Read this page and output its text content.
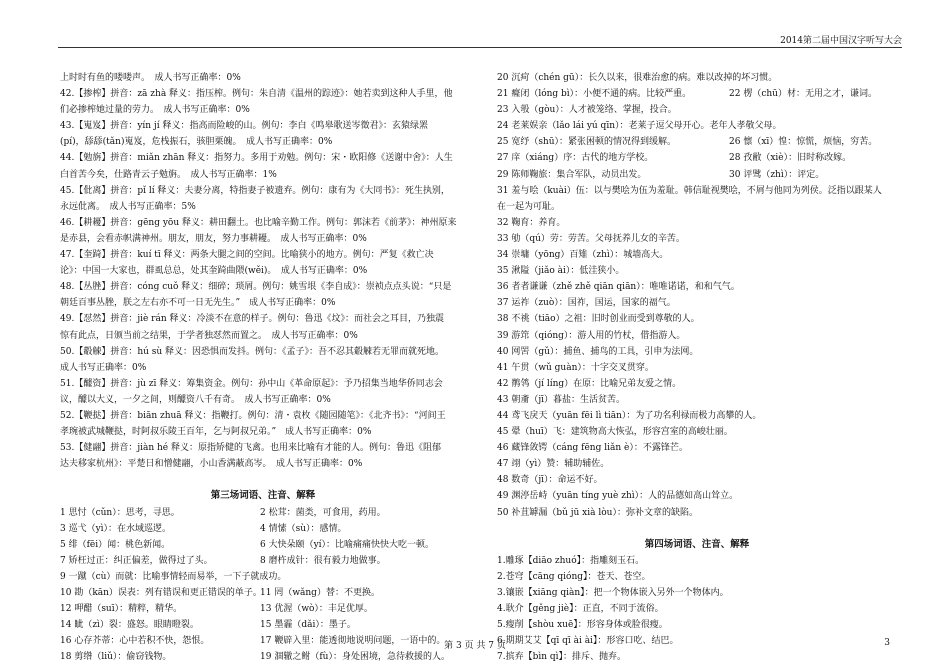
2014第二届中国汉字听写大会
上时时有鱼的喽喽声。　成人书写正确率：0%
42.【掺榨】拼音：zā zhà 释义：指压榨。例句：朱自清《温州的踪迹》：她若卖到这种人手里，他
们必掺榨她过量的劳力。　成人书写正确率：0%
43.【嵬岌】拼音：yín jí 释义：指高而险峻的山。例句：李白《鸣皋歌送岑徵君》：玄猿绿罴
(pí)，舔舔(tǎn)嵬岌，危栈振石，骇胆栗魄。　成人书写正确率：0%
44.【勉旃】拼音：miǎn zhān 释义：指努力。多用于劝勉。例句：宋・欧阳修《送谢中舍》：人生
白首苦今矣，仕路青云子勉旃。　成人书写正确率：1%
45.【仳离】拼音：pǐ lí 释义：夫妻分离，特指妻子被遗弃。例句：康有为《大同书》：死生执别，
永远仳离。　成人书写正确率：5%
46.【耕耰】拼音：gēng yōu 释义：耕田翻土。也比喻辛勤工作。例句：郭沫若《前茅》：神州原来
是赤县，会看赤帜满神州。朋友，朋友，努力事耕耰。　成人书写正确率：0%
47.【奎踦】拼音：kuí tī 释义：两条大腿之间的空间。比喻狭小的地方。例句：严复《救亡决
论》：中国一大家也，群虱总总，处其奎踦曲隈(wěi)。　成人书写正确率：0%
48.【丛脞】拼音：cóng cuǒ 释义：细碎；琐屑。例句：姚雪垠《李自成》：崇祯点点头说：“只是
朝廷百事丛脞，朕之左右亦不可一日无先生。”　成人书写正确率：0%
49.【怼然】拼音：jiè rán 释义：冷淡不在意的样子。例句：鲁迅《坟》：而社会之耳目，乃独震
惊有此点，日颁当前之结果，于学者独怼然而置之。　成人书写正确率：0%
50.【觳觫】拼音：hú sù 释义：因恐惧而发抖。例句：《孟子》：吾不忍其觳觫若无罪而就死地。
成人书写正确率：0%
51.【醵资】拼音：jù zī 释义：筹集资金。例句：孙中山《革命原起》：予乃招集当地华侨同志会
议，醵以大义，一夕之间，则醵资八千有奇。　成人书写正确率：0%
52.【鞭挞】拼音：biān zhuā 释义：指鞭打。例句：清・袁枚《随园随笔》：《北齐书》：“河间王
孝琬被武城鞭挞，时阿叔乐陵王百年，乞与阿叔兄弟。”　成人书写正确率：0%
53.【健翮】拼音：jiàn hé 释义：原指矫健的飞禽。也用来比喻有才能的人。例句：鲁迅《阻郁
达夫移家杭州》：平楚日和憎健翮，小山香满蔽高岑。　成人书写正确率：0%
第三场词语、注音、解释
1 思忖（cǔn）：思考，寻思。	2 松茸：菌类，可食用，药用。
3 巡弋（yì）：在水域巡逻。	4 情愫（sù）：感情。
5 绯（fēi）闻：桃色新闻。	6 大快朵颐（yí）：比喻痛痛快快大吃一顿。
7 矫枉过正：纠正偏差，做得过了头。	8 磨杵成针：很有毅力地做事。
9 一蹴（cù）而就：比喻事情轻而易举，一下子就成功。
10 勘（kān）误表：列有错误和更正错误的单子。
11 罔（wǎng）替：不更换。
12 呷醋（suī）：精粹，精华。	13 优渥（wò）：丰足优厚。
14 眦（zì）裂：盛怒。眼睛瞪裂。	15 墨霾（dǎi）：墨子。
16 心存芥蒂：心中若积不快，怨恨。	17 鞭辟入里：能透彻地说明问题，一语中的。
18 剪绺（liǔ）：偷窃钱物。	19 涸辙之鲋（fù）：身处困境，急待救援的人。
20 沉疴（chén gū）：长久以来，很难治愈的病。难以改掉的坏习惯。
21 癃闭（lóng bì）：小便不通的病。比较严重。	22 楞（chū）材：无用之才，谦词。
23 入彀（gòu）：人才被笼络、掌握，投合。
24 老莱娱亲（lǎo lái yú qīn）：老莱子逗父母开心。老年人孝敬父母。
25 宽纾（shū）：紧张困顿的情况得到缓解。	26 懔（xī）惶：惊慌，烦恼，穷苦。
27 庠（xiáng）序：古代的地方学校。	28 孜敝（xiè）：旧时称改嫁。
29 陈师鞠旅：集合军队，动员出发。	30 评骘（zhì）：评定。
31 羞与哙（kuài）伍：以与樊哙为伍为羞耻。韩信耻视樊哙，不屑与他同为列侯。泛指以跟某人
在一起为可耻。
32 鞠育：养育。
33 劬（qú）劳：劳苦。父母抚养儿女的辛苦。
34 崇墉（yōng）百雉（zhì）：城墙高大。
35 湫隘（jiǎo ài）：低洼狭小。
36 者者谦谦（zhě zhě qiān qiān）：唯唯诺诺，和和气气。
37 运祚（zuò）：国祚，国运，国家的福气。
38 不祧（tiāo）之祖：旧时创业而受到尊敬的人。
39 游筇（qióng）：游人用的竹杖，借指游人。
40 网罟（gǔ）：捕鱼、捕鸟的工具，引申为法网。
41 午贯（wǔ guàn）：十字交叉贯穿。
42 鹡鸰（jí líng）在原：比喻兄弟友爱之情。
43 朝齑（jī）暮盐：生活贫苦。
44 鸢飞戾天（yuān fēi lì tiān）：为了功名利禄而极力高攀的人。
45 翚（huī）飞：建筑物高大恢弘，形容宫室的高峻壮丽。
46 藏锋敛锷（cáng fēng liǎn è）：不露锋芒。
47 翊（yì）赞：辅助辅佐。
48 数奇（jī）：命运不好。
49 渊渟岳峙（yuān tíng yuè zhì）：人的品德如高山耸立。
50 补苴罅漏（bǔ jū xià lòu）：弥补文章的缺陷。
第四场词语、注音、解释
1.雕琢【diāo zhuó】：指雕刻玉石。
2.苍穹【cāng qióng】：苍天、苍空。
3.镶嵌【xiāng qiàn】：把一个物体嵌入另外一个物体内。
4.耿介【gěng jiè】：正直，不同于流俗。
5.瘦削【shòu xuē】：形容身体或脸很瘦。
6.期期艾艾【qī qī ài ài】：形容口吃、结巴。
7.摈弃【bìn qì】：排斥、抛弃。
第 3 页 共 7 页	3
